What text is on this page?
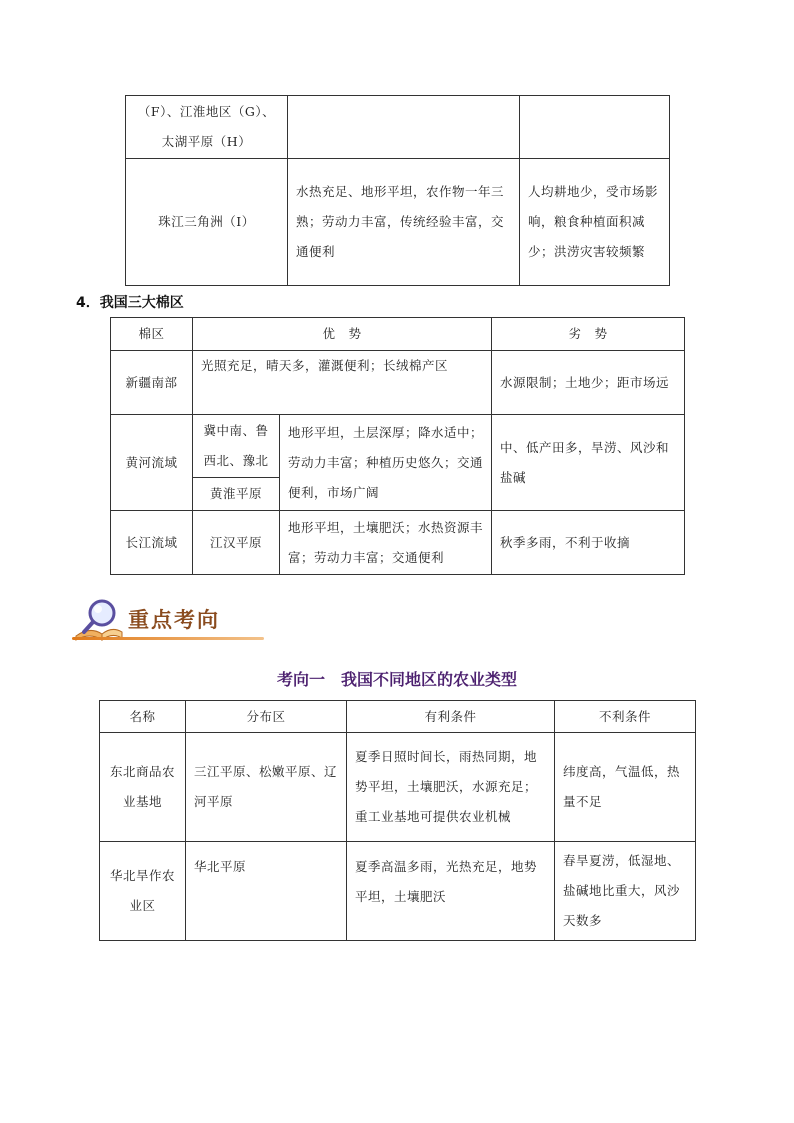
（F）、江淮地区（G）、太湖平原（H）		
珠江三角洲（I）	水热充足、地形平坦，农作物一年三熟；劳动力丰富，传统经验丰富，交通便利	人均耕地少，受市场影响，粮食种植面积减少；洪涝灾害较频繁
4．我国三大棉区
棉区	优　势		劣　势
新疆南部	光照充足，晴天多，灌溉便利；长绒棉产区		水源限制；土地少；距市场远
黄河流域	冀中南、鲁西北、豫北	地形平坦，土层深厚；降水适中；劳动力丰富；种植历史悠久；交通便利，市场广阔	中、低产田多，旱涝、风沙和盐碱
	黄淮平原		
长江流域	江汉平原	地形平坦，土壤肥沃；水热资源丰富；劳动力丰富；交通便利	秋季多雨，不利于收摘
重点考向
考向一 我国不同地区的农业类型
名称	分布区	有利条件	不利条件
东北商品农业基地	三江平原、松嫩平原、辽河平原	夏季日照时间长，雨热同期，地势平坦，土壤肥沃，水源充足；重工业基地可提供农业机械	纬度高，气温低，热量不足
华北旱作农业区	华北平原	夏季高温多雨，光热充足，地势平坦，土壤肥沃	春旱夏涝，低湿地、盐碱地比重大，风沙天数多
